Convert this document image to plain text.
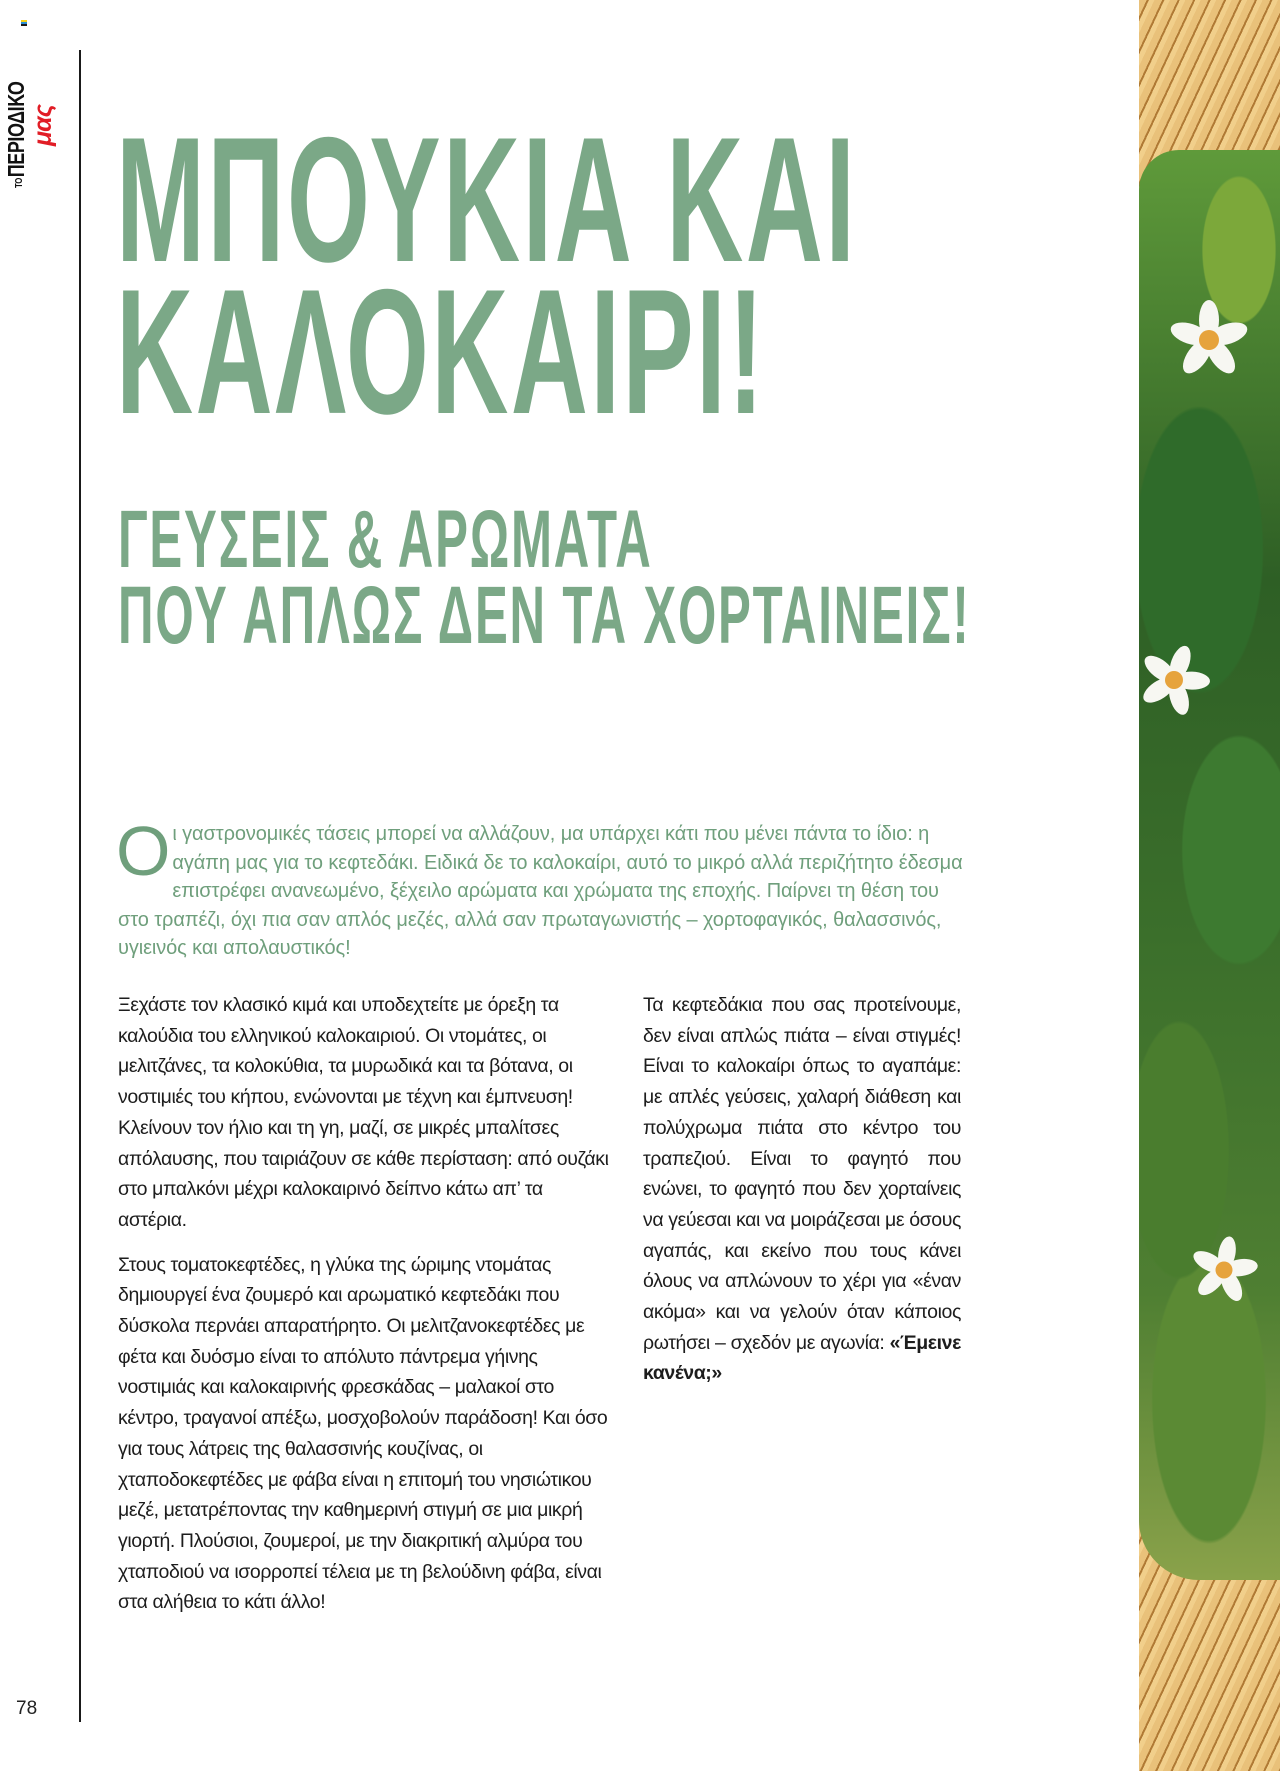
ΤΟΠΕΡΙΟΔΙΚΟ μας
78
ΜΠΟΥΚΙΑ ΚΑΙ
ΚΑΛΟΚΑΙΡΙ!
ΓΕΥΣΕΙΣ & ΑΡΩΜΑΤΑ
ΠΟΥ ΑΠΛΩΣ ΔΕΝ ΤΑ ΧΟΡΤΑΙΝΕΙΣ!
Ο ι γαστρονομικές τάσεις μπορεί να αλλάζουν, μα υπάρχει κάτι που μένει πάντα το ίδιο: η αγάπη μας για το κεφτεδάκι. Ειδικά δε το καλοκαίρι, αυτό το μικρό αλλά περιζήτητο έδεσμα επιστρέφει ανανεωμένο, ξέχειλο αρώματα και χρώματα της εποχής. Παίρνει τη θέση του στο τραπέζι, όχι πια σαν απλός μεζές, αλλά σαν πρωταγωνιστής – χορτοφαγικός, θαλασσινός, υγιεινός και απολαυστικός!

Ξεχάστε τον κλασικό κιμά και υποδεχτείτε με όρεξη τα καλούδια του ελληνικού καλοκαιριού. Οι ντομάτες, οι μελιτζάνες, τα κολοκύθια, τα μυρωδικά και τα βότανα, οι νοστιμιές του κήπου, ενώνονται με τέχνη και έμπνευση! Κλείνουν τον ήλιο και τη γη, μαζί, σε μικρές μπαλίτσες απόλαυσης, που ταιριάζουν σε κάθε περίσταση: από ουζάκι στο μπαλκόνι μέχρι καλοκαιρινό δείπνο κάτω απ’ τα αστέρια.

Στους τοματοκεφτέδες, η γλύκα της ώριμης ντομάτας δημιουργεί ένα ζουμερό και αρωματικό κεφτεδάκι που δύσκολα περνάει απαρατήρητο. Οι μελιτζανοκεφτέδες με φέτα και δυόσμο είναι το απόλυτο πάντρεμα γήινης νοστιμιάς και καλοκαιρινής φρεσκάδας – μαλακοί στο κέντρο, τραγανοί απέξω, μοσχοβολούν παράδοση! Και όσο για τους λάτρεις της θαλασσινής κουζίνας, οι χταποδοκεφτέδες με φάβα είναι η επιτομή του νησιώτικου μεζέ, μετατρέποντας την καθημερινή στιγμή σε μια μικρή γιορτή. Πλούσιοι, ζουμεροί, με την διακριτική αλμύρα του χταποδιού να ισορροπεί τέλεια με τη βελούδινη φάβα, είναι στα αλήθεια το κάτι άλλο!

Τα κεφτεδάκια που σας προτείνουμε, δεν είναι απλώς πιάτα – είναι στιγμές! Είναι το καλοκαίρι όπως το αγαπάμε: με απλές γεύσεις, χαλαρή διάθεση και πολύχρωμα πιάτα στο κέντρο του τραπεζιού. Είναι το φαγητό που ενώνει, το φαγητό που δεν χορταίνεις να γεύεσαι και να μοιράζεσαι με όσους αγαπάς, και εκείνο που τους κάνει όλους να απλώνουν το χέρι για «έναν ακόμα» και να γελούν όταν κάποιος ρωτήσει – σχεδόν με αγωνία: «Έμεινε κανένα;»
